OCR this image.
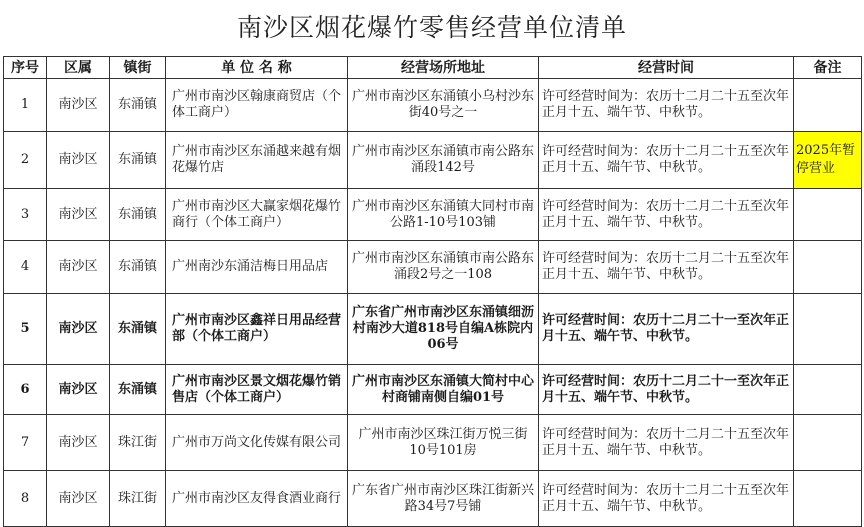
南沙区烟花爆竹零售经营单位清单
序号	区属	镇街	单 位 名 称	经营场所地址	经营时间	备注
1	南沙区	东涌镇	广州市南沙区翰康商贸店（个体工商户）	广州市南沙区东涌镇小乌村沙东街40号之一	许可经营时间为：农历十二月二十五至次年正月十五、端午节、中秋节。	
2	南沙区	东涌镇	广州市南沙区东涌越来越有烟花爆竹店	广州市南沙区东涌镇市南公路东涌段142号	许可经营时间为：农历十二月二十五至次年正月十五、端午节、中秋节。	2025年暂停营业

3	南沙区	东涌镇	广州市南沙区大赢家烟花爆竹商行（个体工商户）	广州市南沙区东涌镇大同村市南公路1-10号103铺	许可经营时间为：农历十二月二十五至次年正月十五、端午节、中秋节。	
4	南沙区	东涌镇	广州南沙东涌洁梅日用品店	广州市南沙区东涌镇市南公路东涌段2号之一108	许可经营时间为：农历十二月二十五至次年正月十五、端午节、中秋节。	
5	南沙区	东涌镇	广州市南沙区鑫祥日用品经营部（个体工商户）	广东省广州市南沙区东涌镇细沥村南沙大道818号自编A栋院内06号	许可经营时间：农历十二月二十一至次年正月十五、端午节、中秋节。	
6	南沙区	东涌镇	广州市南沙区景文烟花爆竹销售店（个体工商户）	广州市南沙区东涌镇大简村中心村商铺南侧自编01号	许可经营时间：农历十二月二十一至次年正月十五、端午节、中秋节。	
7	南沙区	珠江街	广州市万尚文化传媒有限公司	广州市南沙区珠江街万悦三街10号101房	许可经营时间为：农历十二月二十五至次年正月十五、端午节、中秋节。	
8	南沙区	珠江街	广州市南沙区友得食酒业商行	广东省广州市南沙区珠江街新兴路34号7号铺	许可经营时间为：农历十二月二十五至次年正月十五、端午节、中秋节。	
